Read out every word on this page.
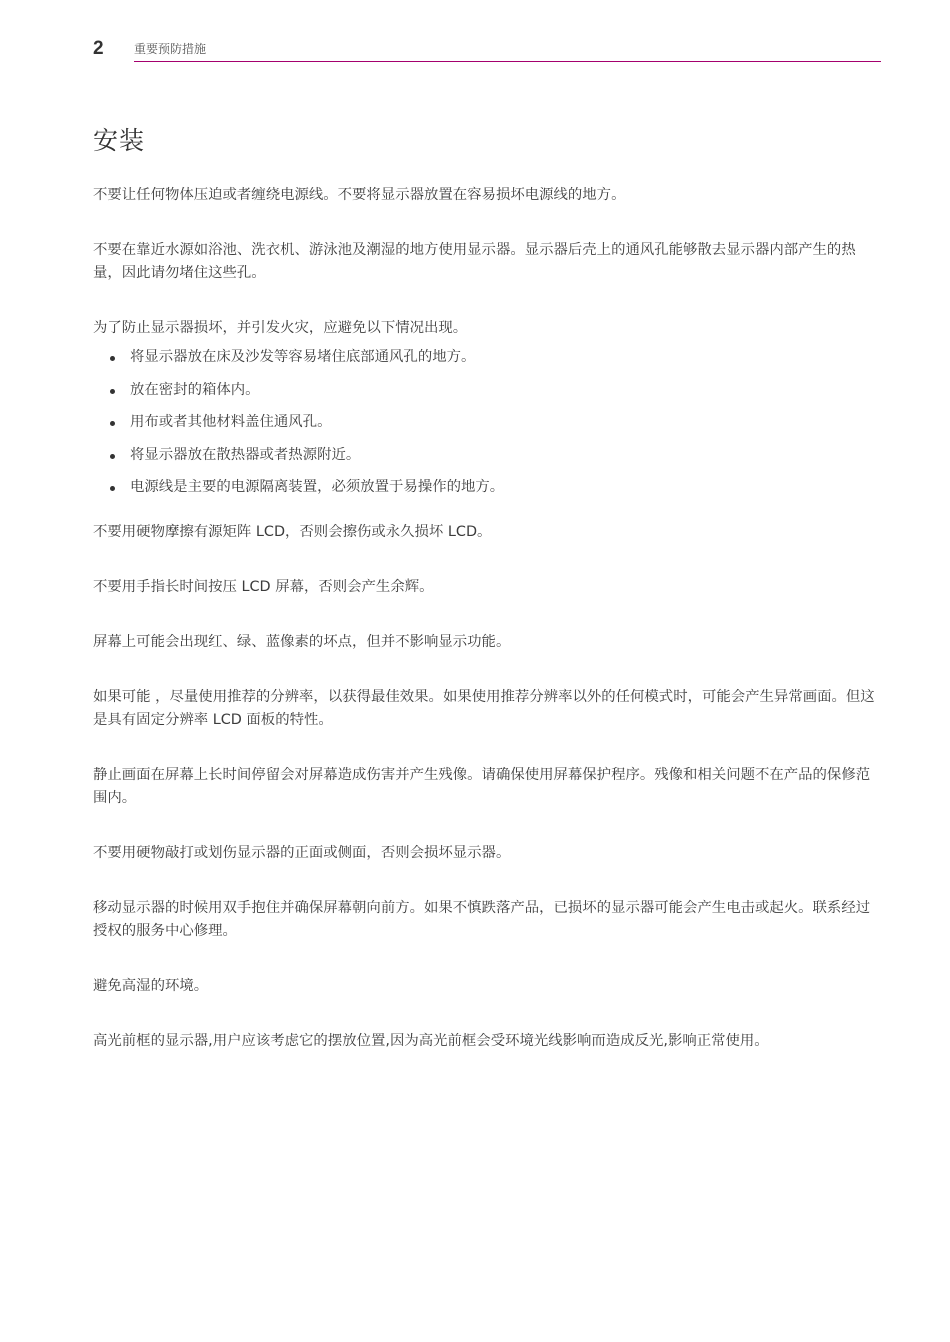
2	重要预防措施
安装

不要让任何物体压迫或者缠绕电源线。不要将显示器放置在容易损坏电源线的地方。

不要在靠近水源如浴池、洗衣机、游泳池及潮湿的地方使用显示器。显示器后壳上的通风孔能够散去显示器内部产生的热量，因此请勿堵住这些孔。

为了防止显示器损坏，并引发火灾，应避免以下情况出现。

将显示器放在床及沙发等容易堵住底部通风孔的地方。
放在密封的箱体内。
用布或者其他材料盖住通风孔。
将显示器放在散热器或者热源附近。
电源线是主要的电源隔离装置，必须放置于易操作的地方。

不要用硬物摩擦有源矩阵 LCD，否则会擦伤或永久损坏 LCD。

不要用手指长时间按压 LCD 屏幕，否则会产生余辉。

屏幕上可能会出现红、绿、蓝像素的坏点，但并不影响显示功能。

如果可能 ，尽量使用推荐的分辨率，以获得最佳效果。如果使用推荐分辨率以外的任何模式时，可能会产生异常画面。但这是具有固定分辨率 LCD 面板的特性。

静止画面在屏幕上长时间停留会对屏幕造成伤害并产生残像。请确保使用屏幕保护程序。残像和相关问题不在产品的保修范围内。

不要用硬物敲打或划伤显示器的正面或侧面，否则会损坏显示器。

移动显示器的时候用双手抱住并确保屏幕朝向前方。如果不慎跌落产品，已损坏的显示器可能会产生电击或起火。联系经过授权的服务中心修理。

避免高湿的环境。

高光前框的显示器,用户应该考虑它的摆放位置,因为高光前框会受环境光线影响而造成反光,影响正常使用。
